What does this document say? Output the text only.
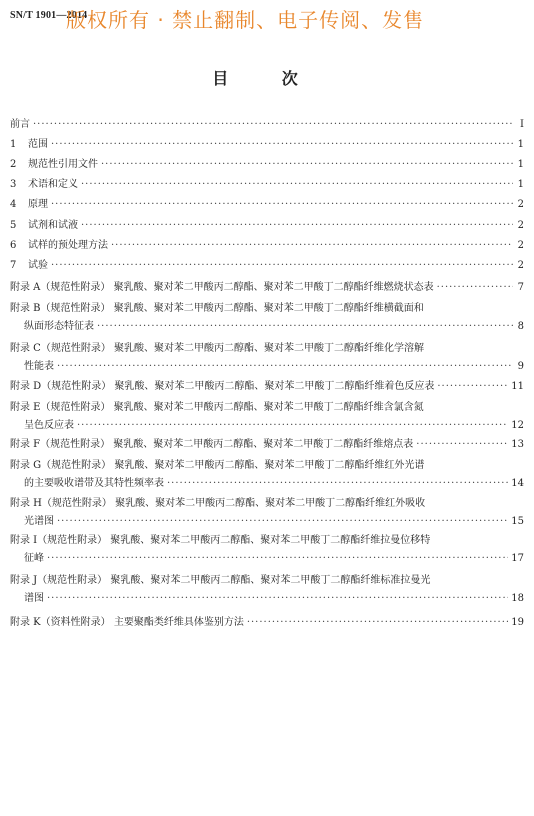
SN/T 1901—2014
版权所有 · 禁止翻制、电子传阅、发售
目 次
前言 ·····	Ⅰ
1	范围 ·····	1
2	规范性引用文件 ·····	1
3	术语和定义 ·····	1
4	原理 ·····	2
5	试剂和试液 ·····	2
6	试样的预处理方法 ·····	2
7	试验 ·····	2
附录 A（规范性附录） 聚乳酸、聚对苯二甲酸丙二醇酯、聚对苯二甲酸丁二醇酯纤维燃烧状态表 ·····	7
附录 B（规范性附录） 聚乳酸、聚对苯二甲酸丙二醇酯、聚对苯二甲酸丁二醇酯纤维横截面和
纵面形态特征表 ·····	8
附录 C（规范性附录） 聚乳酸、聚对苯二甲酸丙二醇酯、聚对苯二甲酸丁二醇酯纤维化学溶解
性能表 ·····	9
附录 D（规范性附录） 聚乳酸、聚对苯二甲酸丙二醇酯、聚对苯二甲酸丁二醇酯纤维着色反应表 ·····	11
附录 E（规范性附录） 聚乳酸、聚对苯二甲酸丙二醇酯、聚对苯二甲酸丁二醇酯纤维含氯含氮
呈色反应表 ·····	12
附录 F（规范性附录） 聚乳酸、聚对苯二甲酸丙二醇酯、聚对苯二甲酸丁二醇酯纤维熔点表 ·····	13
附录 G（规范性附录） 聚乳酸、聚对苯二甲酸丙二醇酯、聚对苯二甲酸丁二醇酯纤维红外光谱
的主要吸收谱带及其特性频率表 ·····	14
附录 H（规范性附录） 聚乳酸、聚对苯二甲酸丙二醇酯、聚对苯二甲酸丁二醇酯纤维红外吸收
光谱图 ·····	15
附录 I（规范性附录） 聚乳酸、聚对苯二甲酸丙二醇酯、聚对苯二甲酸丁二醇酯纤维拉曼位移特
征峰 ·····	17
附录 J（规范性附录） 聚乳酸、聚对苯二甲酸丙二醇酯、聚对苯二甲酸丁二醇酯纤维标准拉曼光
谱图 ·····	18
附录 K（资料性附录） 主要聚酯类纤维具体鉴别方法 ·····	19
